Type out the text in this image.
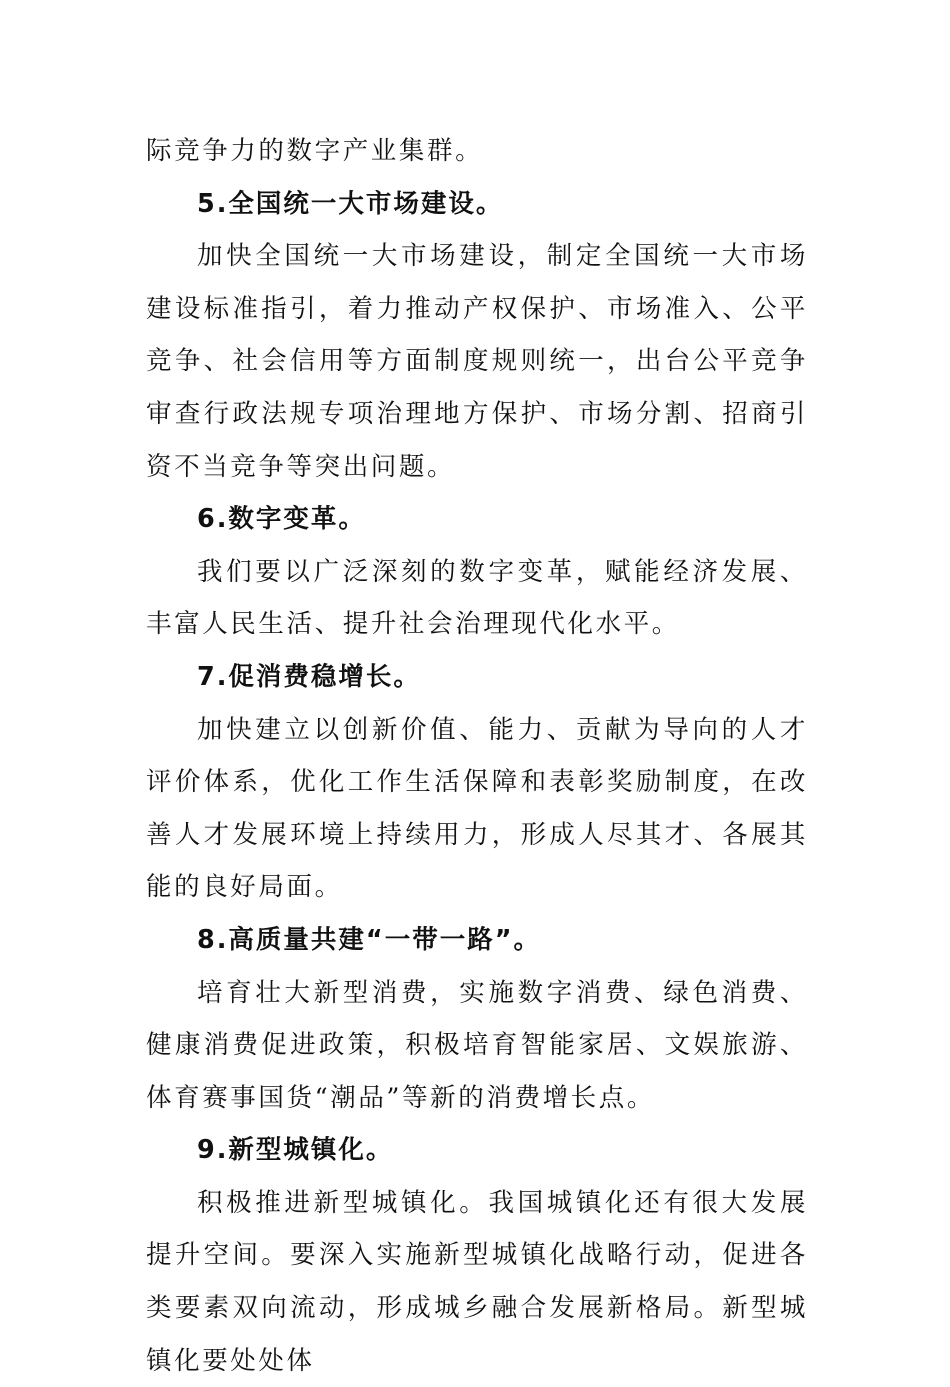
际竞争力的数字产业集群。

5.全国统一大市场建设。

加快全国统一大市场建设，制定全国统一大市场建设标准指引，着力推动产权保护、市场准入、公平竞争、社会信用等方面制度规则统一，出台公平竞争审查行政法规专项治理地方保护、市场分割、招商引资不当竞争等突出问题。

6.数字变革。

我们要以广泛深刻的数字变革，赋能经济发展、丰富人民生活、提升社会治理现代化水平。

7.促消费稳增长。

加快建立以创新价值、能力、贡献为导向的人才评价体系，优化工作生活保障和表彰奖励制度，在改善人才发展环境上持续用力，形成人尽其才、各展其能的良好局面。

8.高质量共建“一带一路”。

培育壮大新型消费，实施数字消费、绿色消费、健康消费促进政策，积极培育智能家居、文娱旅游、体育赛事国货“潮品”等新的消费增长点。

9.新型城镇化。

积极推进新型城镇化。我国城镇化还有很大发展提升空间。要深入实施新型城镇化战略行动，促进各类要素双向流动，形成城乡融合发展新格局。新型城镇化要处处体
